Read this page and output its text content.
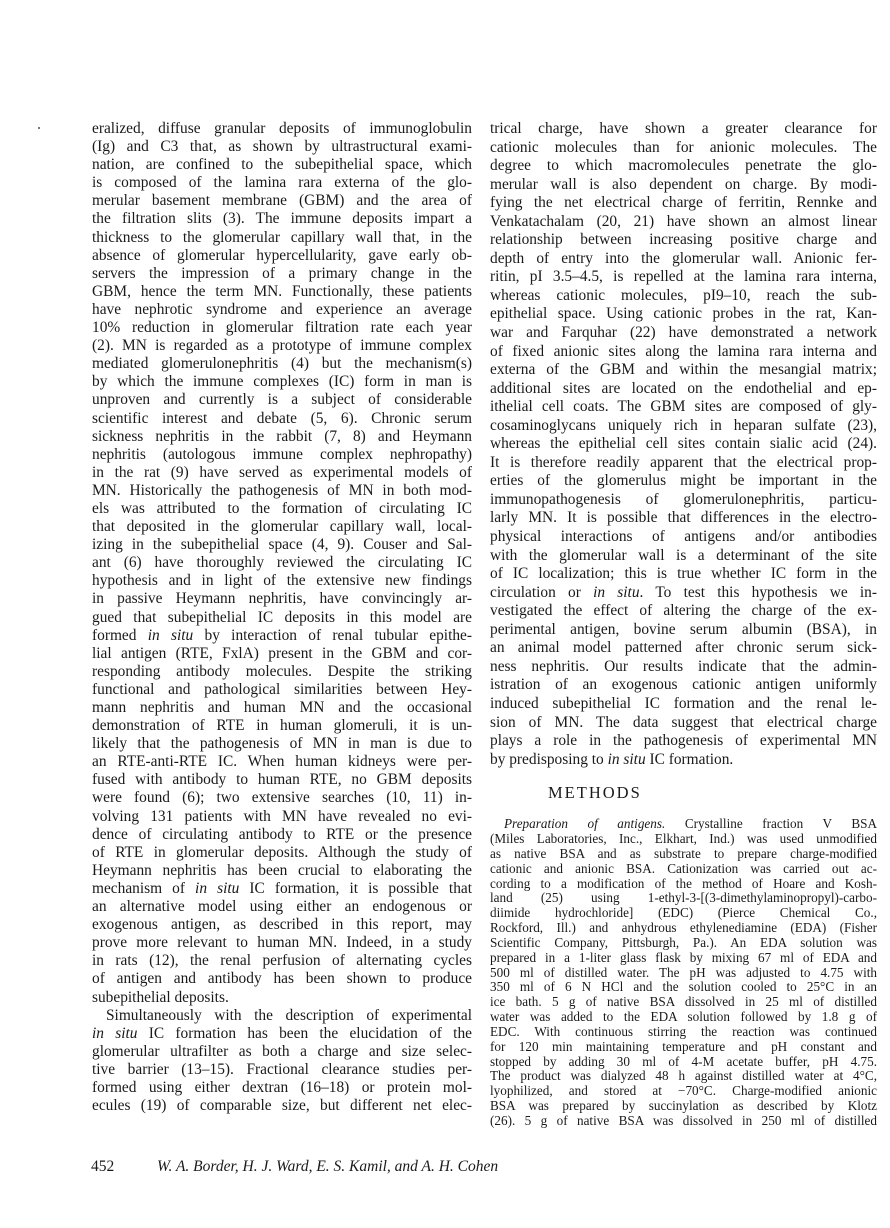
eralized, diffuse granular deposits of immunoglobulin
(Ig) and C3 that, as shown by ultrastructural exami-
nation, are confined to the subepithelial space, which
is composed of the lamina rara externa of the glo-
merular basement membrane (GBM) and the area of
the filtration slits (3). The immune deposits impart a
thickness to the glomerular capillary wall that, in the
absence of glomerular hypercellularity, gave early ob-
servers the impression of a primary change in the
GBM, hence the term MN. Functionally, these patients
have nephrotic syndrome and experience an average
10% reduction in glomerular filtration rate each year
(2). MN is regarded as a prototype of immune complex
mediated glomerulonephritis (4) but the mechanism(s)
by which the immune complexes (IC) form in man is
unproven and currently is a subject of considerable
scientific interest and debate (5, 6). Chronic serum
sickness nephritis in the rabbit (7, 8) and Heymann
nephritis (autologous immune complex nephropathy)
in the rat (9) have served as experimental models of
MN. Historically the pathogenesis of MN in both mod-
els was attributed to the formation of circulating IC
that deposited in the glomerular capillary wall, local-
izing in the subepithelial space (4, 9). Couser and Sal-
ant (6) have thoroughly reviewed the circulating IC
hypothesis and in light of the extensive new findings
in passive Heymann nephritis, have convincingly ar-
gued that subepithelial IC deposits in this model are
formed in situ by interaction of renal tubular epithe-
lial antigen (RTE, FxlA) present in the GBM and cor-
responding antibody molecules. Despite the striking
functional and pathological similarities between Hey-
mann nephritis and human MN and the occasional
demonstration of RTE in human glomeruli, it is un-
likely that the pathogenesis of MN in man is due to
an RTE-anti-RTE IC. When human kidneys were per-
fused with antibody to human RTE, no GBM deposits
were found (6); two extensive searches (10, 11) in-
volving 131 patients with MN have revealed no evi-
dence of circulating antibody to RTE or the presence
of RTE in glomerular deposits. Although the study of
Heymann nephritis has been crucial to elaborating the
mechanism of in situ IC formation, it is possible that
an alternative model using either an endogenous or
exogenous antigen, as described in this report, may
prove more relevant to human MN. Indeed, in a study
in rats (12), the renal perfusion of alternating cycles
of antigen and antibody has been shown to produce
subepithelial deposits.
Simultaneously with the description of experimental
in situ IC formation has been the elucidation of the
glomerular ultrafilter as both a charge and size selec-
tive barrier (13–15). Fractional clearance studies per-
formed using either dextran (16–18) or protein mol-
ecules (19) of comparable size, but different net elec-
trical charge, have shown a greater clearance for
cationic molecules than for anionic molecules. The
degree to which macromolecules penetrate the glo-
merular wall is also dependent on charge. By modi-
fying the net electrical charge of ferritin, Rennke and
Venkatachalam (20, 21) have shown an almost linear
relationship between increasing positive charge and
depth of entry into the glomerular wall. Anionic fer-
ritin, pI 3.5–4.5, is repelled at the lamina rara interna,
whereas cationic molecules, pI9–10, reach the sub-
epithelial space. Using cationic probes in the rat, Kan-
war and Farquhar (22) have demonstrated a network
of fixed anionic sites along the lamina rara interna and
externa of the GBM and within the mesangial matrix;
additional sites are located on the endothelial and ep-
ithelial cell coats. The GBM sites are composed of gly-
cosaminoglycans uniquely rich in heparan sulfate (23),
whereas the epithelial cell sites contain sialic acid (24).
It is therefore readily apparent that the electrical prop-
erties of the glomerulus might be important in the
immunopathogenesis of glomerulonephritis, particu-
larly MN. It is possible that differences in the electro-
physical interactions of antigens and/or antibodies
with the glomerular wall is a determinant of the site
of IC localization; this is true whether IC form in the
circulation or in situ. To test this hypothesis we in-
vestigated the effect of altering the charge of the ex-
perimental antigen, bovine serum albumin (BSA), in
an animal model patterned after chronic serum sick-
ness nephritis. Our results indicate that the admin-
istration of an exogenous cationic antigen uniformly
induced subepithelial IC formation and the renal le-
sion of MN. The data suggest that electrical charge
plays a role in the pathogenesis of experimental MN
by predisposing to in situ IC formation.
METHODS
Preparation of antigens. Crystalline fraction V BSA
(Miles Laboratories, Inc., Elkhart, Ind.) was used unmodified
as native BSA and as substrate to prepare charge-modified
cationic and anionic BSA. Cationization was carried out ac-
cording to a modification of the method of Hoare and Kosh-
land (25) using 1-ethyl-3-[(3-dimethylaminopropyl)-carbo-
diimide hydrochloride] (EDC) (Pierce Chemical Co.,
Rockford, Ill.) and anhydrous ethylenediamine (EDA) (Fisher
Scientific Company, Pittsburgh, Pa.). An EDA solution was
prepared in a 1-liter glass flask by mixing 67 ml of EDA and
500 ml of distilled water. The pH was adjusted to 4.75 with
350 ml of 6 N HCl and the solution cooled to 25°C in an
ice bath. 5 g of native BSA dissolved in 25 ml of distilled
water was added to the EDA solution followed by 1.8 g of
EDC. With continuous stirring the reaction was continued
for 120 min maintaining temperature and pH constant and
stopped by adding 30 ml of 4-M acetate buffer, pH 4.75.
The product was dialyzed 48 h against distilled water at 4°C,
lyophilized, and stored at −70°C. Charge-modified anionic
BSA was prepared by succinylation as described by Klotz
(26). 5 g of native BSA was dissolved in 250 ml of distilled
452	W. A. Border, H. J. Ward, E. S. Kamil, and A. H. Cohen
